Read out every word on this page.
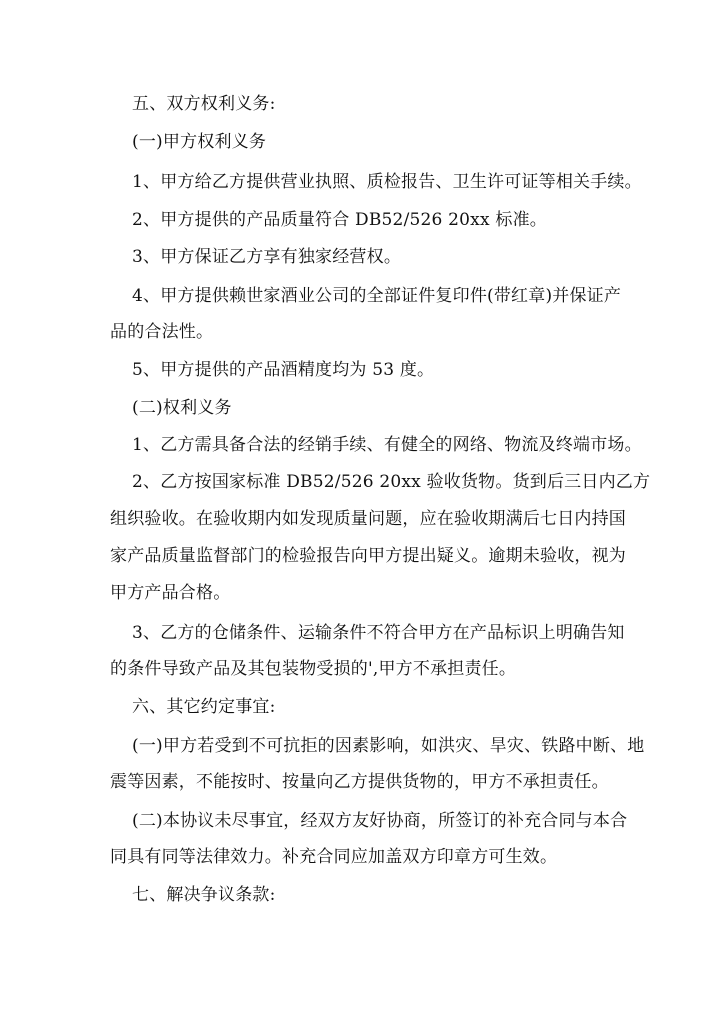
五、双方权利义务:
(一)甲方权利义务
1、甲方给乙方提供营业执照、质检报告、卫生许可证等相关手续。
2、甲方提供的产品质量符合 DB52/526 20xx 标准。
3、甲方保证乙方享有独家经营权。
4、甲方提供赖世家酒业公司的全部证件复印件(带红章)并保证产
品的合法性。
5、甲方提供的产品酒精度均为 53 度。
(二)权利义务
1、乙方需具备合法的经销手续、有健全的网络、物流及终端市场。
2、乙方按国家标准 DB52/526 20xx 验收货物。货到后三日内乙方
组织验收。在验收期内如发现质量问题，应在验收期满后七日内持国
家产品质量监督部门的检验报告向甲方提出疑义。逾期未验收，视为
甲方产品合格。
3、乙方的仓储条件、运输条件不符合甲方在产品标识上明确告知
的条件导致产品及其包装物受损的',甲方不承担责任。
六、其它约定事宜:
(一)甲方若受到不可抗拒的因素影响，如洪灾、旱灾、铁路中断、地
震等因素，不能按时、按量向乙方提供货物的，甲方不承担责任。
(二)本协议未尽事宜，经双方友好协商，所签订的补充合同与本合
同具有同等法律效力。补充合同应加盖双方印章方可生效。
七、解决争议条款:
